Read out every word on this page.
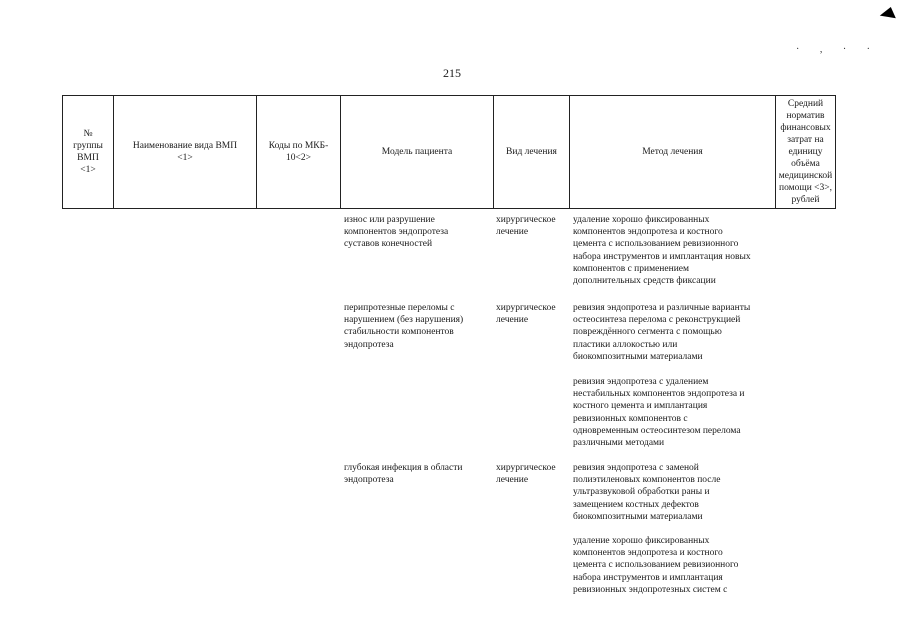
· , · ·
215
№
группы
ВМП
<1>
Наименование вида ВМП
<1>
Коды по МКБ-
10<2>
Модель пациента	Вид лечения	Метод лечения
Средний
норматив
финансовых
затрат на
единицу объёма
медицинской
помощи <3>,
рублей
износ или разрушение
компонентов эндопротеза
суставов конечностей
хирургическое
лечение
удаление хорошо фиксированных
компонентов эндопротеза и костного
цемента с использованием ревизионного
набора инструментов и имплантация новых
компонентов с применением
дополнительных средств фиксации
перипротезные переломы с
нарушением (без нарушения)
стабильности компонентов
эндопротеза
хирургическое
лечение
ревизия эндопротеза и различные варианты
остеосинтеза перелома с реконструкцией
повреждённого сегмента с помощью
пластики аллокостью или
биокомпозитными материалами
ревизия эндопротеза с удалением
нестабильных компонентов эндопротеза и
костного цемента и имплантация
ревизионных компонентов с
одновременным остеосинтезом перелома
различными методами
глубокая инфекция в области
эндопротеза
хирургическое
лечение
ревизия эндопротеза с заменой
полиэтиленовых компонентов после
ультразвуковой обработки раны и
замещением костных дефектов
биокомпозитными материалами
удаление хорошо фиксированных
компонентов эндопротеза и костного
цемента с использованием ревизионного
набора инструментов и имплантация
ревизионных эндопротезных систем с
